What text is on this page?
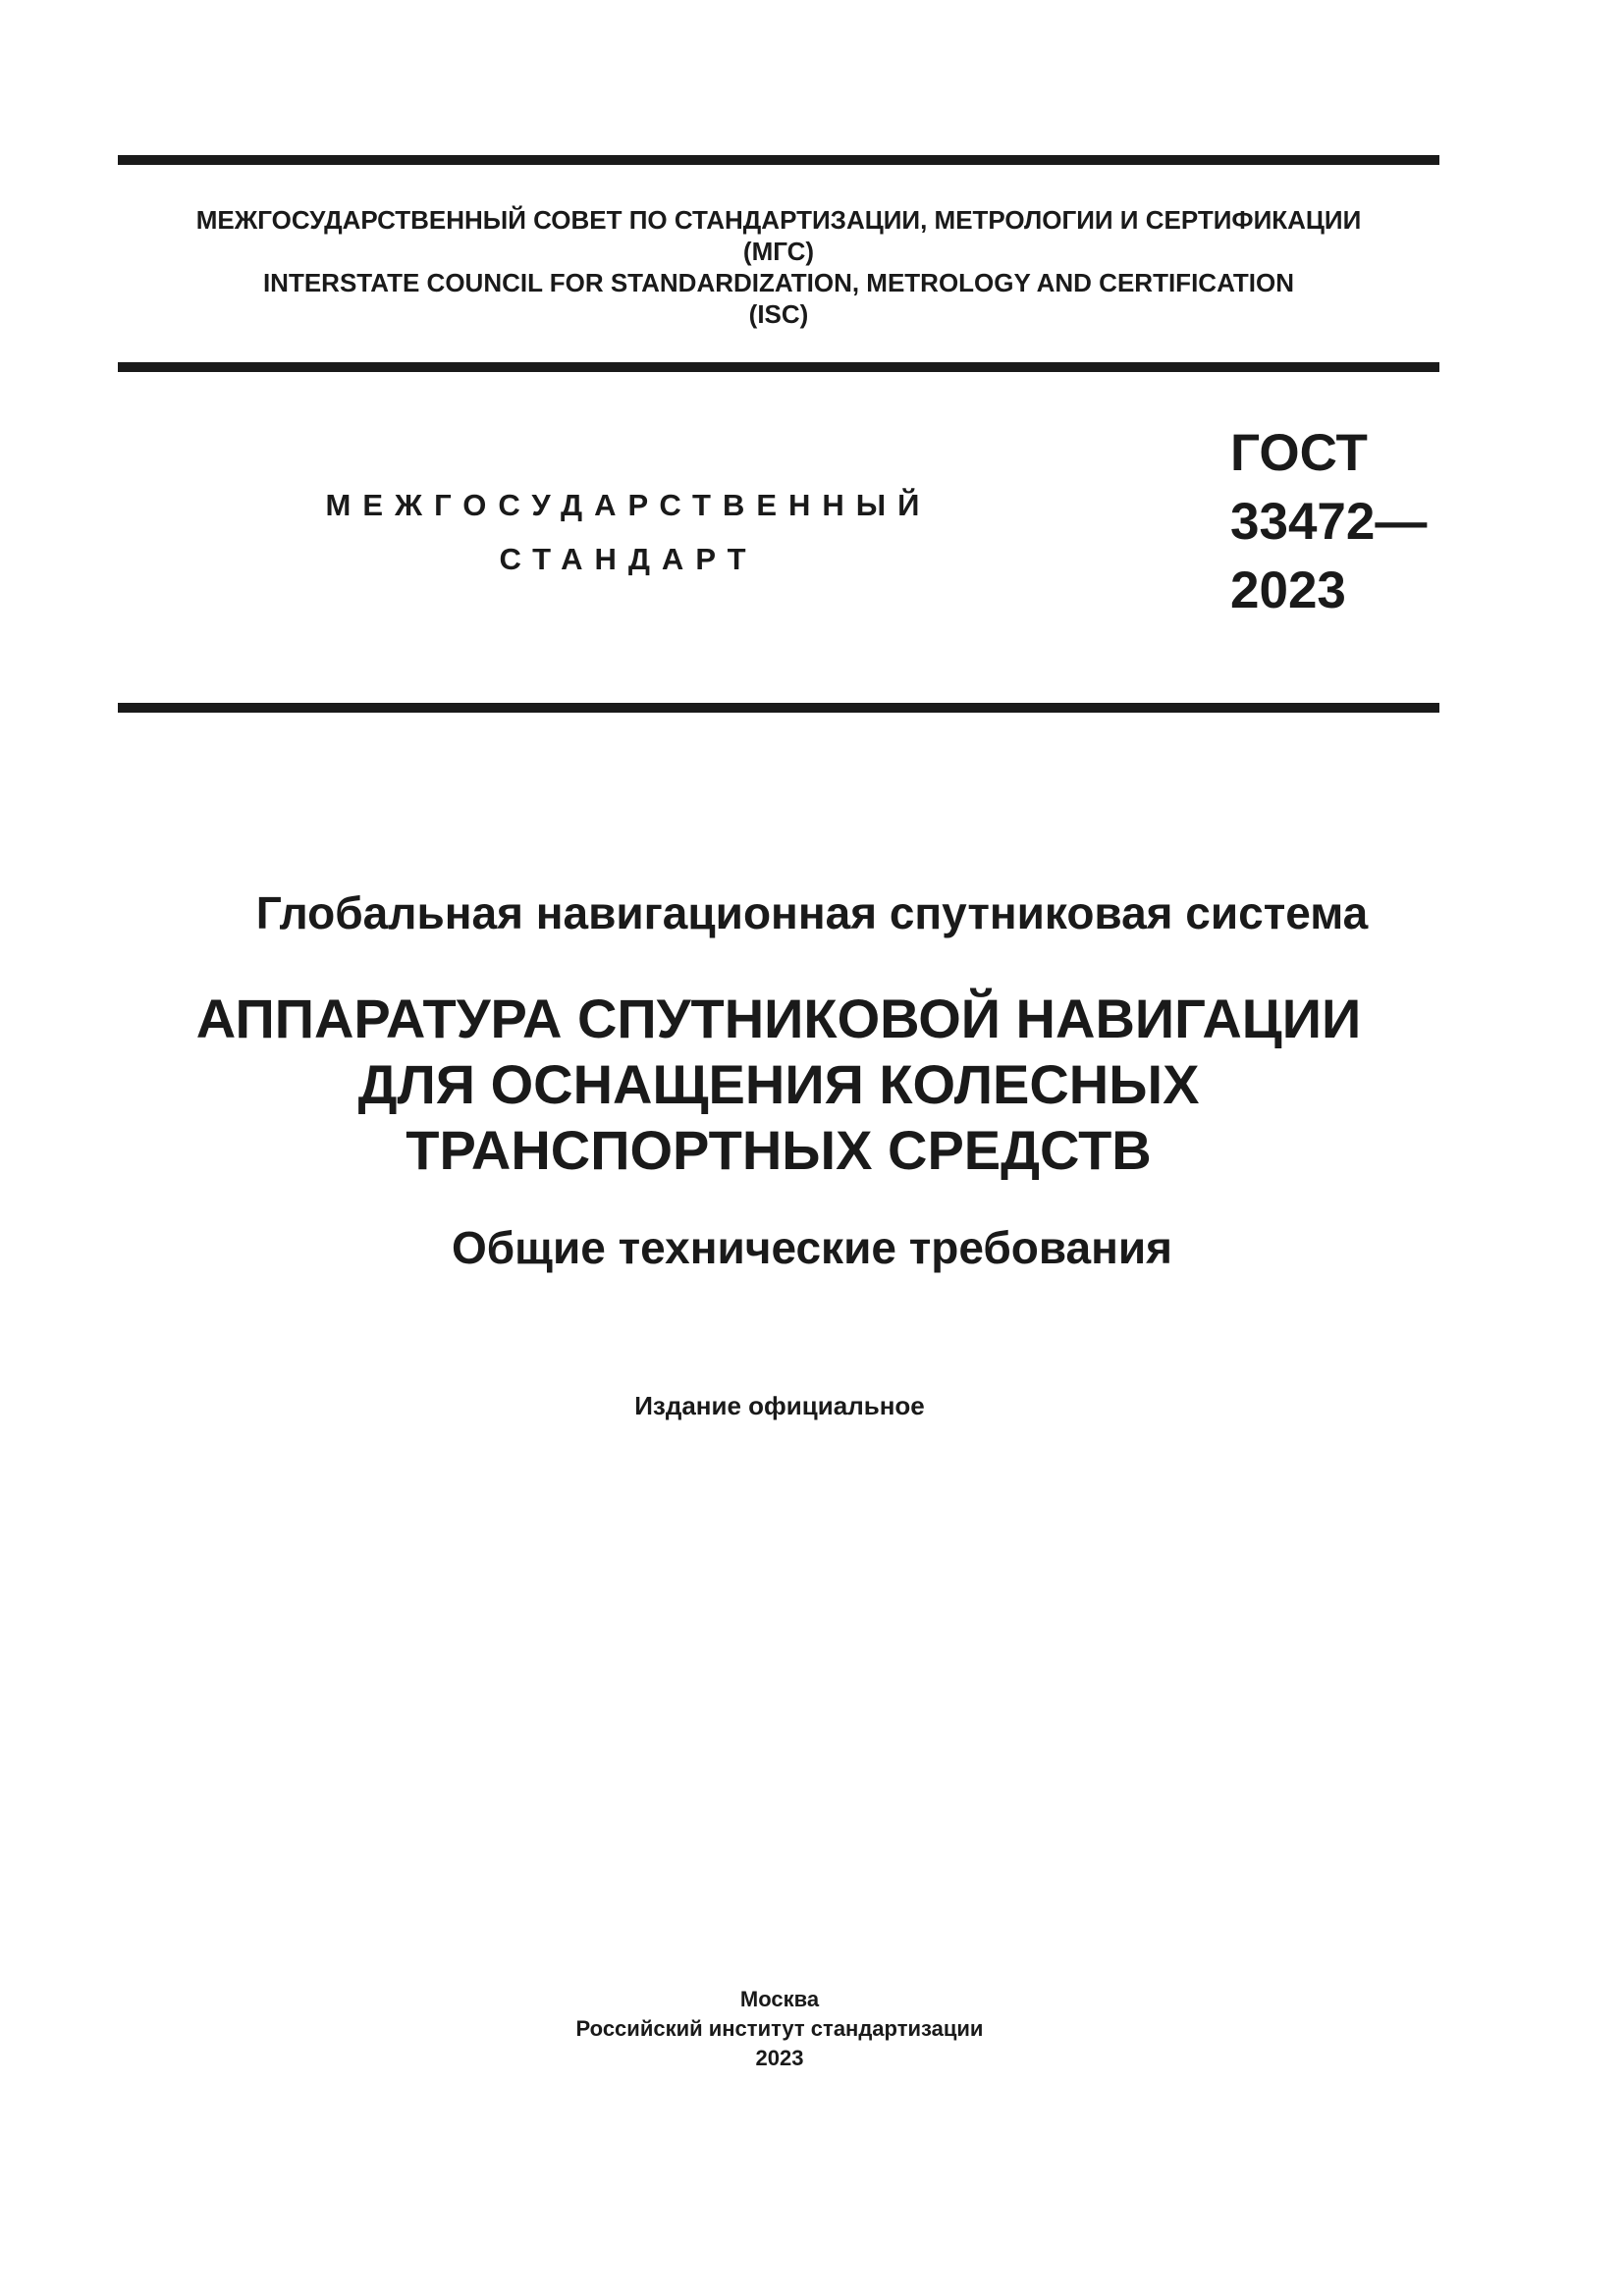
МЕЖГОСУДАРСТВЕННЫЙ СОВЕТ ПО СТАНДАРТИЗАЦИИ, МЕТРОЛОГИИ И СЕРТИФИКАЦИИ
(МГС)
INTERSTATE COUNCIL FOR STANDARDIZATION, METROLOGY AND CERTIFICATION
(ISC)
МЕЖГОСУДАРСТВЕННЫЙ
СТАНДАРТ
ГОСТ
33472—
2023
Глобальная навигационная спутниковая система
АППАРАТУРА СПУТНИКОВОЙ НАВИГАЦИИ
ДЛЯ ОСНАЩЕНИЯ КОЛЕСНЫХ
ТРАНСПОРТНЫХ СРЕДСТВ
Общие технические требования
Издание официальное
Москва
Российский институт стандартизации
2023
